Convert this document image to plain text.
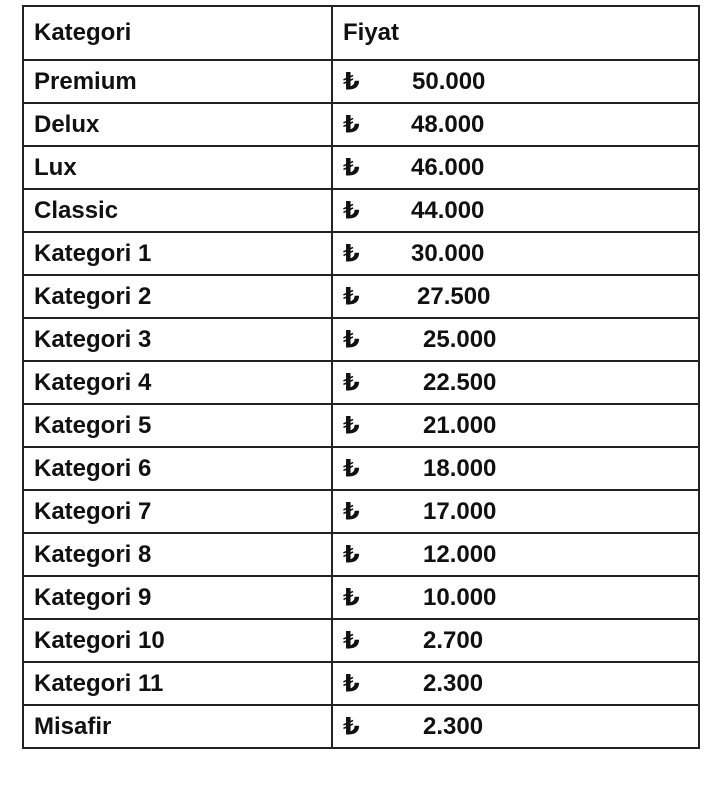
Kategori	Fiyat
Premium	₺ 50.000

Delux	₺ 48.000

Lux	₺ 46.000

Classic	₺ 44.000

Kategori 1	₺ 30.000

Kategori 2	₺ 27.500

Kategori 3	₺ 25.000

Kategori 4	₺ 22.500

Kategori 5	₺ 21.000

Kategori 6	₺ 18.000

Kategori 7	₺ 17.000

Kategori 8	₺ 12.000

Kategori 9	₺ 10.000

Kategori 10	₺ 2.700

Kategori 11	₺ 2.300

Misafir	₺ 2.300
